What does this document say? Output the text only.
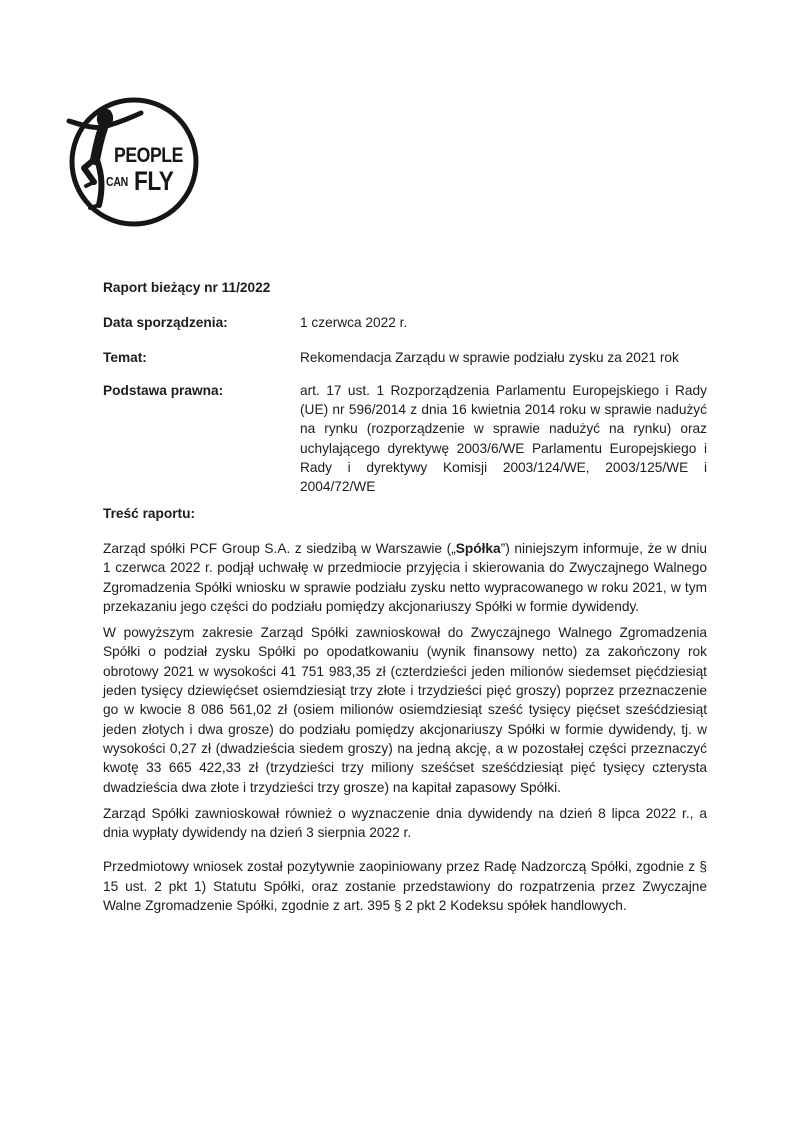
PEOPLE
CAN FLY
Raport bieżący nr 11/2022
Data sporządzenia:	1 czerwca 2022 r.
Temat:	Rekomendacja Zarządu w sprawie podziału zysku za 2021 rok
Podstawa prawna:	art. 17 ust. 1 Rozporządzenia Parlamentu Europejskiego i Rady (UE) nr 596/2014 z dnia 16 kwietnia 2014 roku w sprawie nadużyć na rynku (rozporządzenie w sprawie nadużyć na rynku) oraz uchylającego dyrektywę 2003/6/WE Parlamentu Europejskiego i Rady i dyrektywy Komisji 2003/124/WE, 2003/125/WE i 2004/72/WE
Treść raportu:

Zarząd spółki PCF Group S.A. z siedzibą w Warszawie („Spółka”) niniejszym informuje, że w dniu 1 czerwca 2022 r. podjął uchwałę w przedmiocie przyjęcia i skierowania do Zwyczajnego Walnego Zgromadzenia Spółki wniosku w sprawie podziału zysku netto wypracowanego w roku 2021, w tym przekazaniu jego części do podziału pomiędzy akcjonariuszy Spółki w formie dywidendy.

W powyższym zakresie Zarząd Spółki zawnioskował do Zwyczajnego Walnego Zgromadzenia Spółki o podział zysku Spółki po opodatkowaniu (wynik finansowy netto) za zakończony rok obrotowy 2021 w wysokości 41 751 983,35 zł (czterdzieści jeden milionów siedemset pięćdziesiąt jeden tysięcy dziewięćset osiemdziesiąt trzy złote i trzydzieści pięć groszy) poprzez przeznaczenie go w kwocie 8 086 561,02 zł (osiem milionów osiemdziesiąt sześć tysięcy pięćset sześćdziesiąt jeden złotych i dwa grosze) do podziału pomiędzy akcjonariuszy Spółki w formie dywidendy, tj. w wysokości 0,27 zł (dwadzieścia siedem groszy) na jedną akcję, a w pozostałej części przeznaczyć kwotę 33 665 422,33 zł (trzydzieści trzy miliony sześćset sześćdziesiąt pięć tysięcy czterysta dwadzieścia dwa złote i trzydzieści trzy grosze) na kapitał zapasowy Spółki.

Zarząd Spółki zawnioskował również o wyznaczenie dnia dywidendy na dzień 8 lipca 2022 r., a dnia wypłaty dywidendy na dzień 3 sierpnia 2022 r.

Przedmiotowy wniosek został pozytywnie zaopiniowany przez Radę Nadzorczą Spółki, zgodnie z § 15 ust. 2 pkt 1) Statutu Spółki, oraz zostanie przedstawiony do rozpatrzenia przez Zwyczajne Walne Zgromadzenie Spółki, zgodnie z art. 395 § 2 pkt 2 Kodeksu spółek handlowych.
